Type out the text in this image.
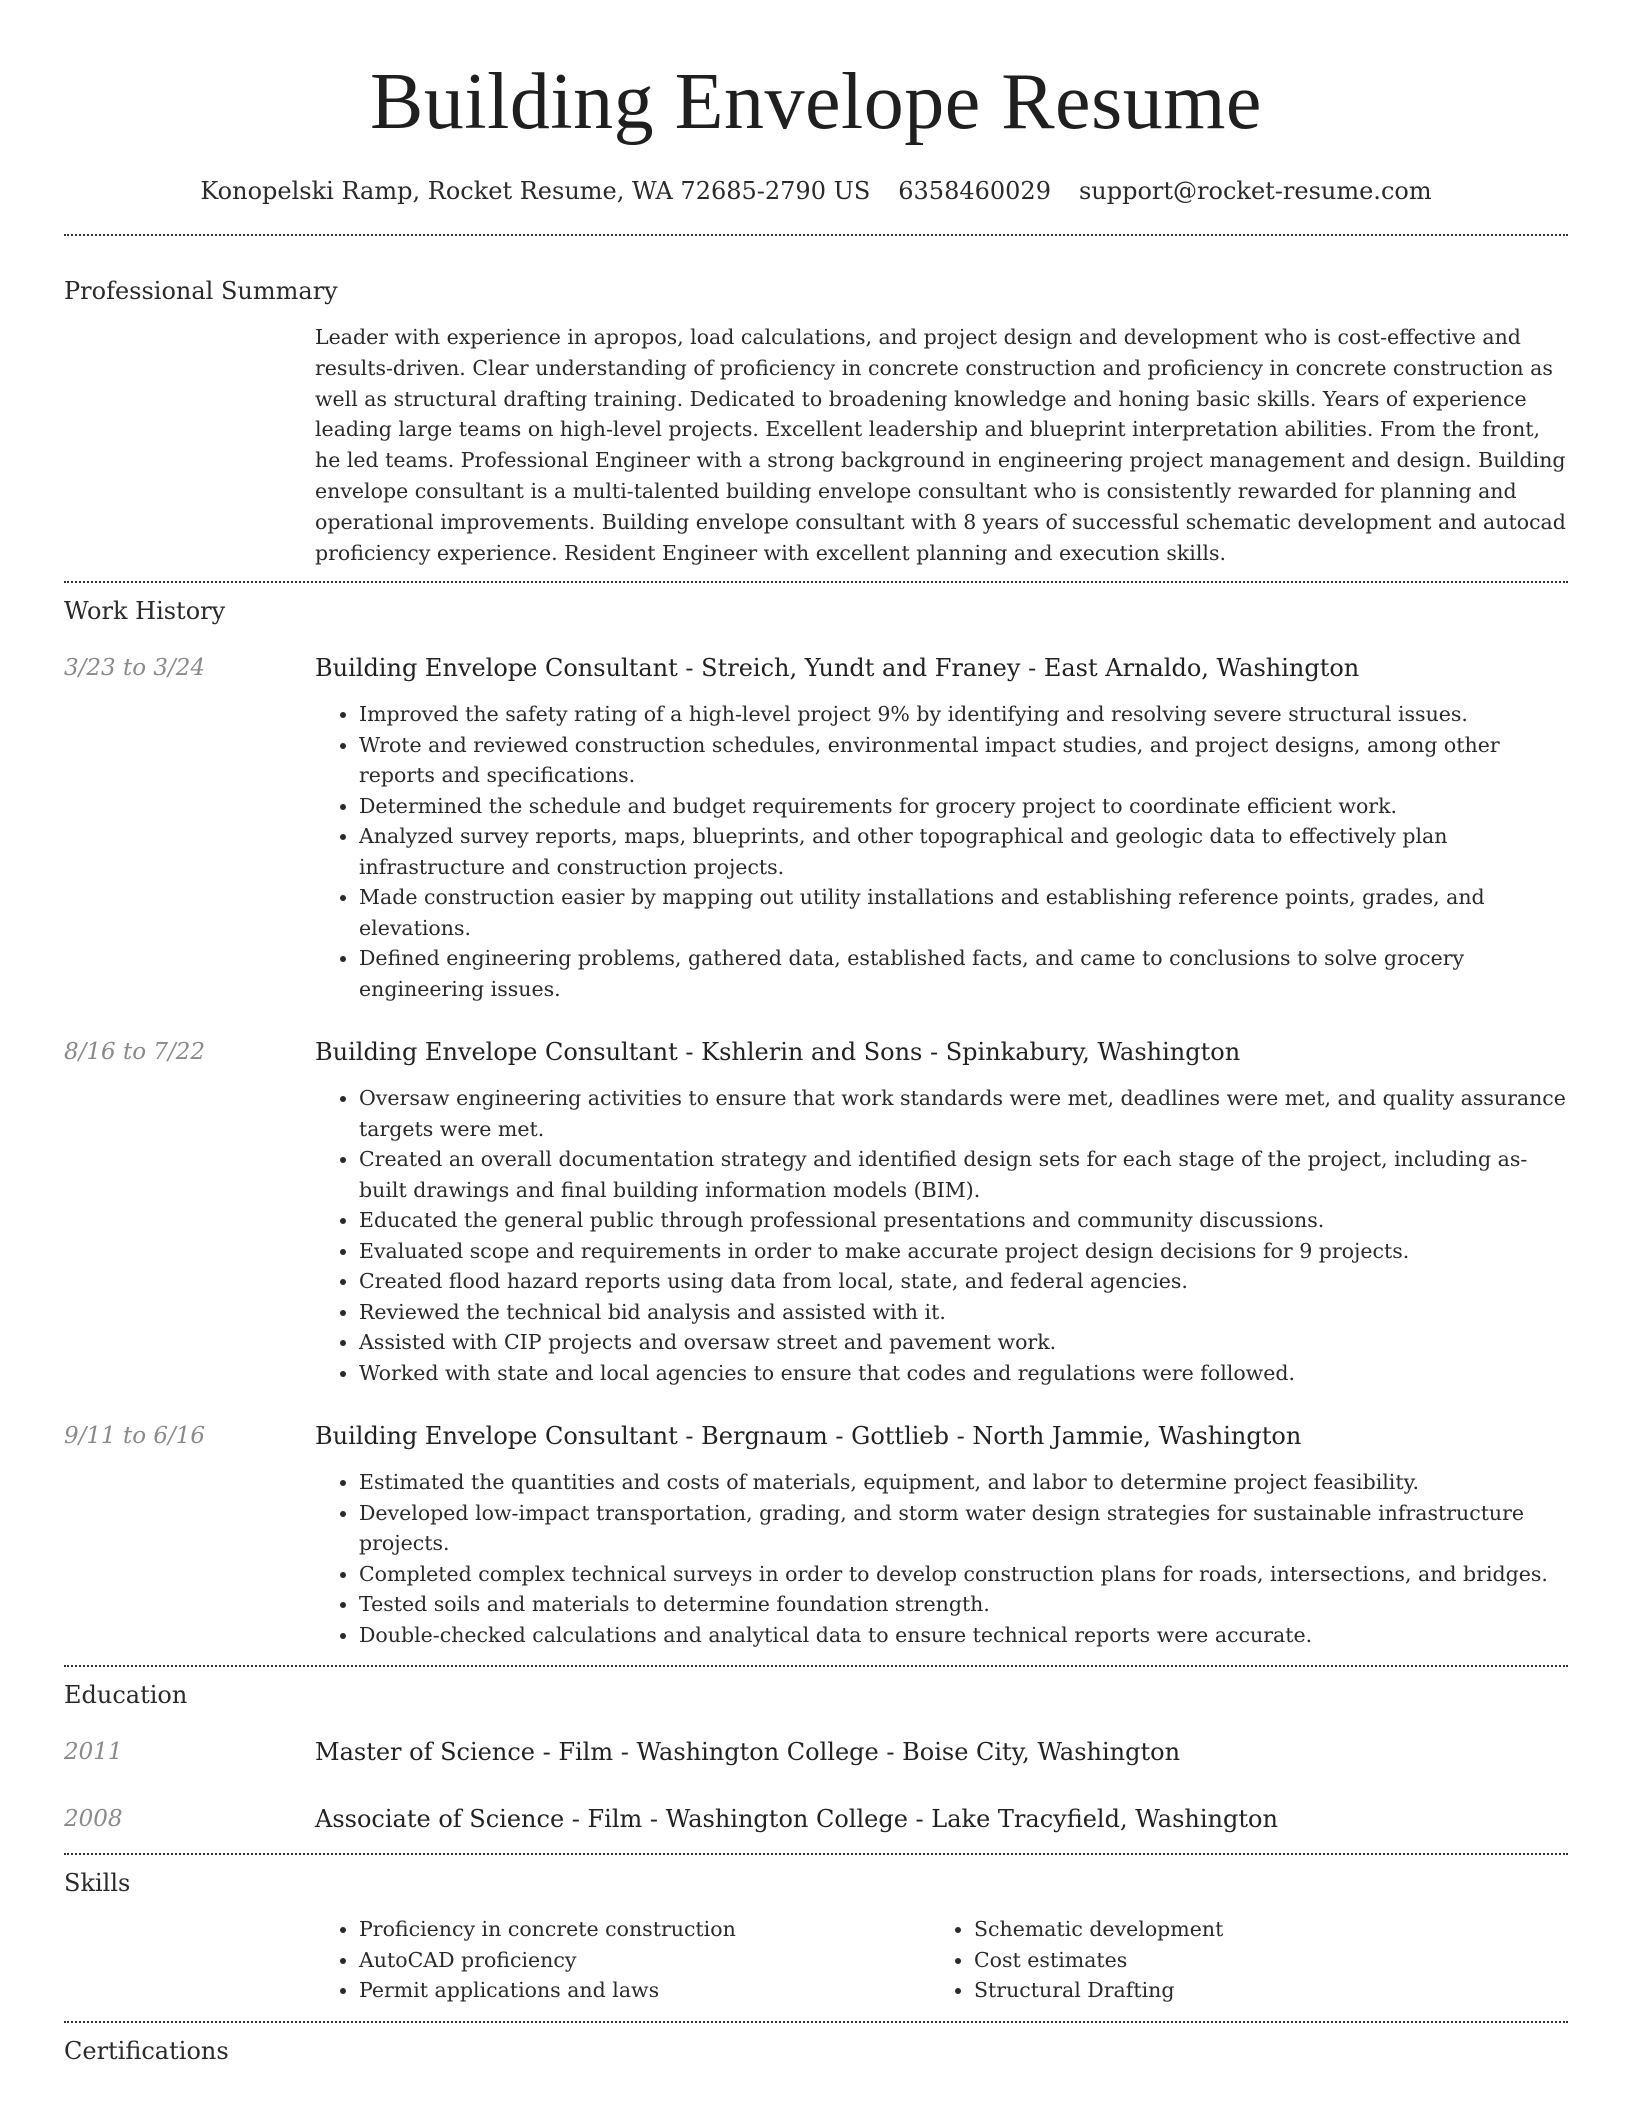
Building Envelope Resume
Konopelski Ramp, Rocket Resume, WA 72685-2790 US 6358460029 support@rocket-resume.com
Professional Summary
Leader with experience in apropos, load calculations, and project design and development who is cost-effective and results-driven. Clear understanding of proficiency in concrete construction and proficiency in concrete construction as well as structural drafting training. Dedicated to broadening knowledge and honing basic skills. Years of experience leading large teams on high-level projects. Excellent leadership and blueprint interpretation abilities. From the front, he led teams. Professional Engineer with a strong background in engineering project management and design. Building envelope consultant is a multi-talented building envelope consultant who is consistently rewarded for planning and operational improvements. Building envelope consultant with 8 years of successful schematic development and autocad proficiency experience. Resident Engineer with excellent planning and execution skills.
Work History
3/23 to 3/24	Building Envelope Consultant - Streich, Yundt and Franey - East Arnaldo, Washington
• Improved the safety rating of a high-level project 9% by identifying and resolving severe structural issues.
• Wrote and reviewed construction schedules, environmental impact studies, and project designs, among other reports and specifications.
• Determined the schedule and budget requirements for grocery project to coordinate efficient work.
• Analyzed survey reports, maps, blueprints, and other topographical and geologic data to effectively plan infrastructure and construction projects.
• Made construction easier by mapping out utility installations and establishing reference points, grades, and elevations.
• Defined engineering problems, gathered data, established facts, and came to conclusions to solve grocery engineering issues.
8/16 to 7/22	Building Envelope Consultant - Kshlerin and Sons - Spinkabury, Washington
• Oversaw engineering activities to ensure that work standards were met, deadlines were met, and quality assurance targets were met.
• Created an overall documentation strategy and identified design sets for each stage of the project, including as-built drawings and final building information models (BIM).
• Educated the general public through professional presentations and community discussions.
• Evaluated scope and requirements in order to make accurate project design decisions for 9 projects.
• Created flood hazard reports using data from local, state, and federal agencies.
• Reviewed the technical bid analysis and assisted with it.
• Assisted with CIP projects and oversaw street and pavement work.
• Worked with state and local agencies to ensure that codes and regulations were followed.
9/11 to 6/16	Building Envelope Consultant - Bergnaum - Gottlieb - North Jammie, Washington
• Estimated the quantities and costs of materials, equipment, and labor to determine project feasibility.
• Developed low-impact transportation, grading, and storm water design strategies for sustainable infrastructure projects.
• Completed complex technical surveys in order to develop construction plans for roads, intersections, and bridges.
• Tested soils and materials to determine foundation strength.
• Double-checked calculations and analytical data to ensure technical reports were accurate.
Education
2011	Master of Science - Film - Washington College - Boise City, Washington
2008	Associate of Science - Film - Washington College - Lake Tracyfield, Washington
Skills
• Proficiency in concrete construction
• AutoCAD proficiency
• Permit applications and laws
• Schematic development
• Cost estimates
• Structural Drafting
Certifications
